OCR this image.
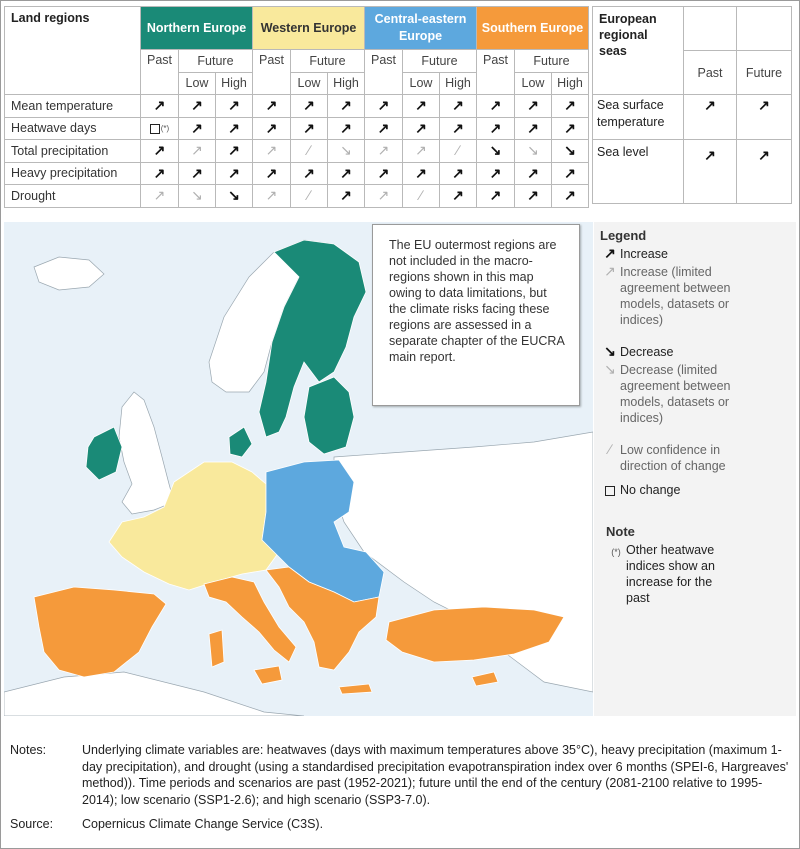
Land regions	Northern Europe			Western Europe			Central-eastern Europe			Southern Europe		
	Past	Future		Past	Future		Past	Future		Past	Future	
		Low	High		Low	High		Low	High		Low	High
Mean temperature	↗	↗	↗	↗	↗	↗	↗	↗	↗	↗	↗	↗
Heatwave days	(*)	↗	↗	↗	↗	↗	↗	↗	↗	↗	↗	↗
Total precipitation	↗	↗	↗	↗	∕	↘	↗	↗	∕	↘	↘	↘
Heavy precipitation	↗	↗	↗	↗	↗	↗	↗	↗	↗	↗	↗	↗
Drought	↗	↘	↘	↗	∕	↗	↗	∕	↗	↗	↗	↗
European regional seas		
	Past	Future
Sea surface temperature	↗	↗
Sea level	↗	↗
The EU outermost regions are not included in the macro-regions shown in this map owing to data limitations, but the climate risks facing these regions are assessed in a separate chapter of the EUCRA main report.
Legend
↗ Increase
↗ Increase (limited agreement between models, datasets or indices)
↘ Decrease
↘ Decrease (limited agreement between models, datasets or indices)
∕ Low confidence in direction of change
No change
Note
(*) Other heatwave indices show an increase for the past
Notes:	Underlying climate variables are: heatwaves (days with maximum temperatures above 35°C), heavy precipitation (maximum 1-day precipitation), and drought (using a standardised precipitation evapotranspiration index over 6 months (SPEI-6, Hargreaves' method)). Time periods and scenarios are past (1952-2021); future until the end of the century (2081-2100 relative to 1995-2014); low scenario (SSP1-2.6); and high scenario (SSP3-7.0).
Source:	Copernicus Climate Change Service (C3S).
